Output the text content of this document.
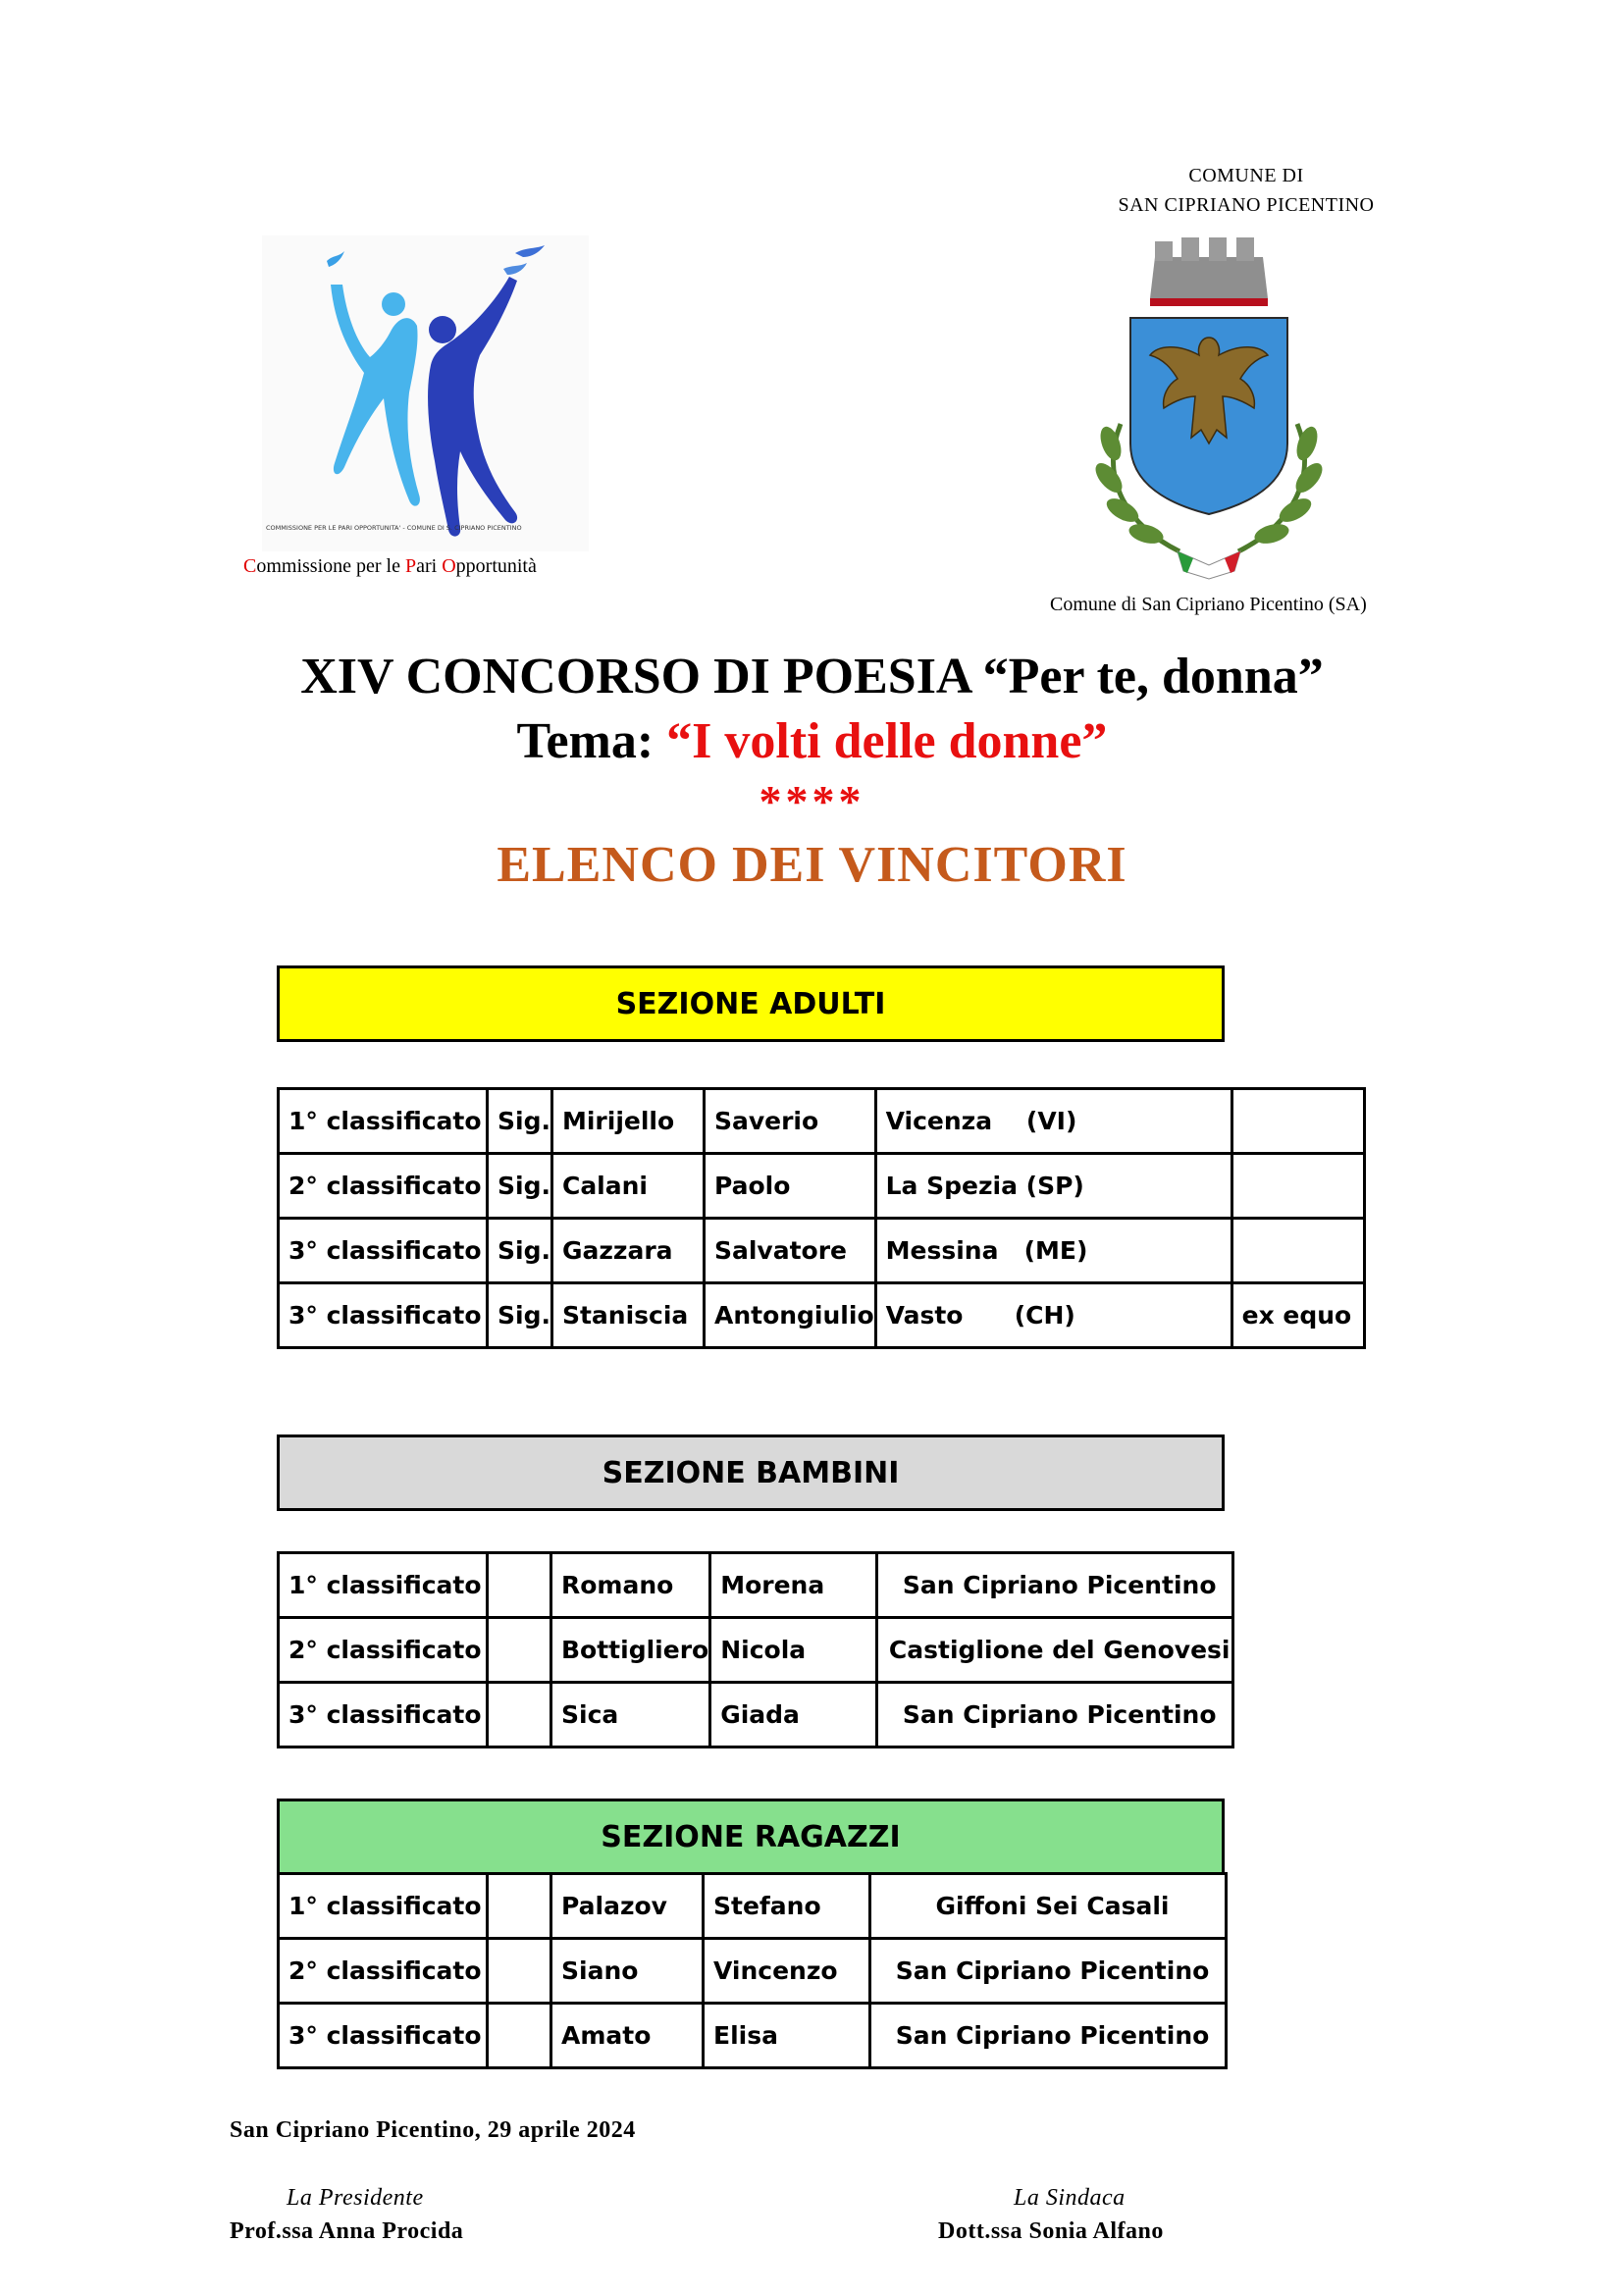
COMMISSIONE PER LE PARI OPPORTUNITA' - COMUNE DI S. CIPRIANO PICENTINO
Commissione per le Pari Opportunità
COMUNE DI
SAN CIPRIANO PICENTINO
Comune di San Cipriano Picentino (SA)
XIV CONCORSO DI POESIA “Per te, donna”
Tema: “I volti delle donne”
****
ELENCO DEI VINCITORI
SEZIONE ADULTI
1° classificato	Sig.	Mirijello	Saverio	Vicenza    (VI)	
2° classificato	Sig.	Calani	Paolo	La Spezia (SP)	
3° classificato	Sig.	Gazzara	Salvatore	Messina   (ME)	
3° classificato	Sig.	Staniscia	Antongiulio	Vasto      (CH)	ex equo
SEZIONE BAMBINI
1° classificato		Romano	Morena	San Cipriano Picentino
2° classificato		Bottigliero	Nicola	Castiglione del Genovesi
3° classificato		Sica	Giada	San Cipriano Picentino
SEZIONE RAGAZZI
1° classificato		Palazov	Stefano	Giffoni Sei Casali
2° classificato		Siano	Vincenzo	San Cipriano Picentino
3° classificato		Amato	Elisa	San Cipriano Picentino
San Cipriano Picentino, 29 aprile 2024
La Presidente
Prof.ssa Anna Procida
La Sindaca
Dott.ssa Sonia Alfano
